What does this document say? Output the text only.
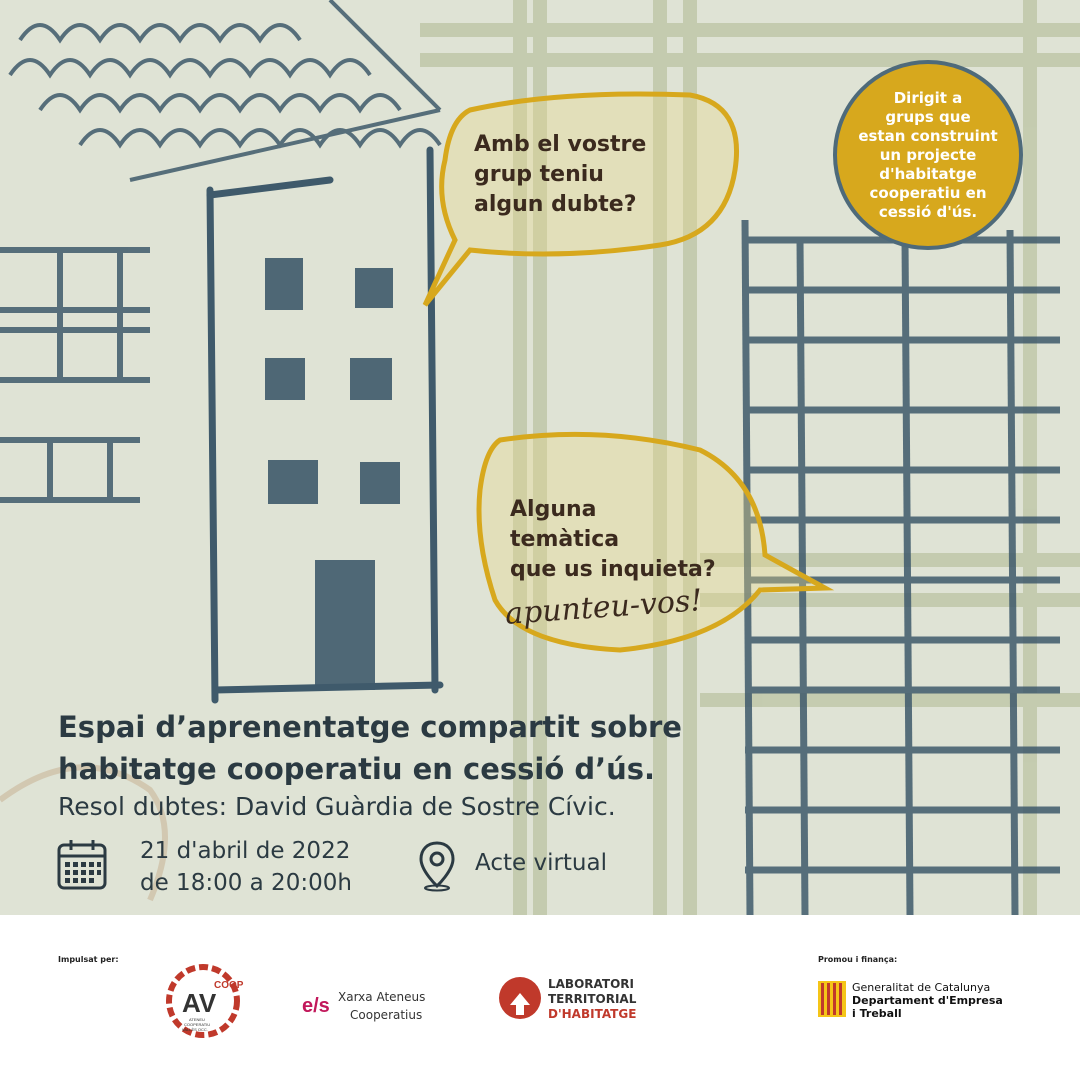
Amb el vostre
grup teniu
algun dubte?
Alguna
temàtica
que us inquieta?
apunteu-vos!
Dirigit a
grups que
estan construint
un projecte
d'habitatge
cooperatiu en
cessió d'ús.
Espai d’aprenentatge compartit sobre
habitatge cooperatiu en cessió d’ús.
Resol dubtes: David Guàrdia de Sostre Cívic.
21 d'abril de 2022
de 18:00 a 20:00h
Acte virtual
Impulsat per:	Promou i finança:
COOP
AV
ATENEU
COOPERATIU
VALLÈS OCC.
e/s Xarxa Ateneus
Cooperatius
LABORATORI
TERRITORIAL
D'HABITATGE
Generalitat de Catalunya
Departament d'Empresa
i Treball
